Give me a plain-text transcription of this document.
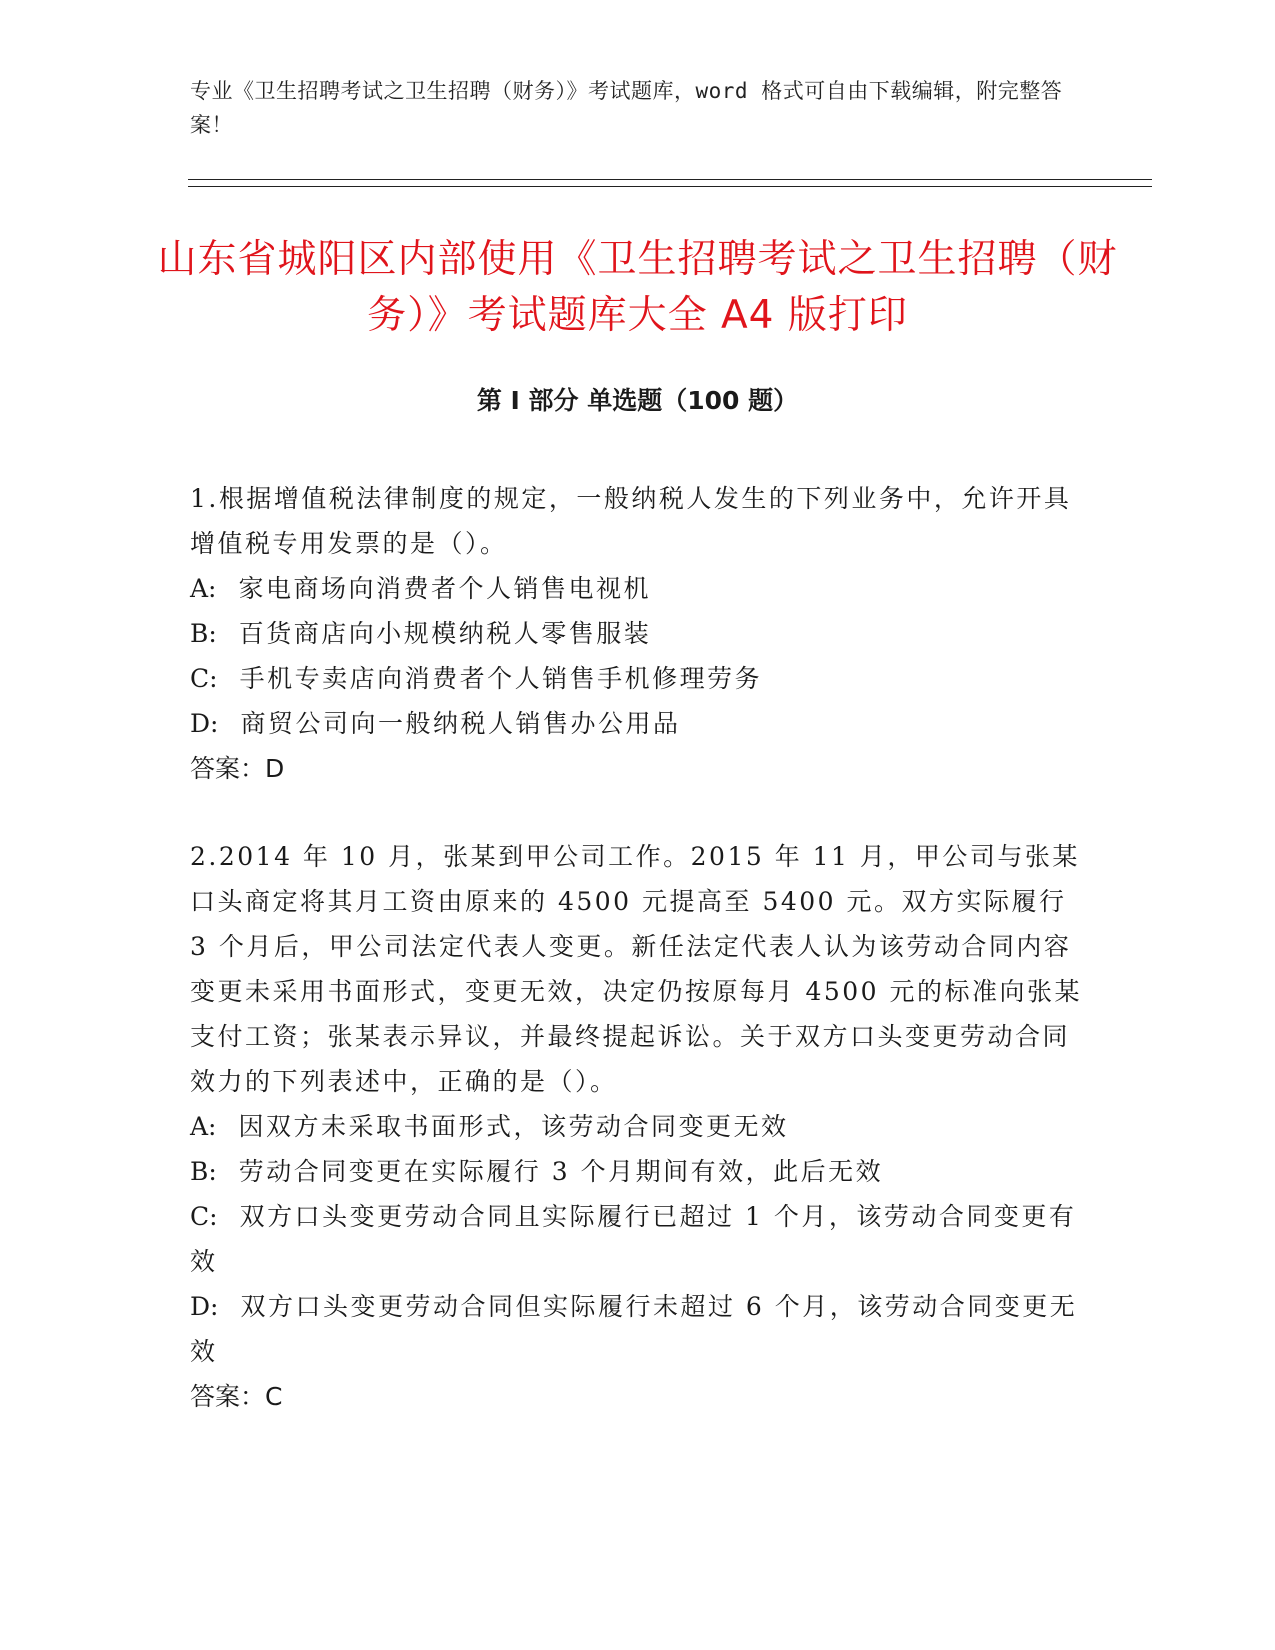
专业《卫生招聘考试之卫生招聘（财务）》考试题库，word 格式可自由下载编辑，附完整答案！
山东省城阳区内部使用《卫生招聘考试之卫生招聘（财务）》考试题库大全 A4 版打印
第 I 部分 单选题（100 题）
1.根据增值税法律制度的规定，一般纳税人发生的下列业务中，允许开具增值税专用发票的是（）。
A: 家电商场向消费者个人销售电视机
B: 百货商店向小规模纳税人零售服装
C: 手机专卖店向消费者个人销售手机修理劳务
D: 商贸公司向一般纳税人销售办公用品
答案：D
2.2014 年 10 月，张某到甲公司工作。2015 年 11 月，甲公司与张某口头商定将其月工资由原来的 4500 元提高至 5400 元。双方实际履行 3 个月后，甲公司法定代表人变更。新任法定代表人认为该劳动合同内容变更未采用书面形式，变更无效，决定仍按原每月 4500 元的标准向张某支付工资；张某表示异议，并最终提起诉讼。关于双方口头变更劳动合同效力的下列表述中，正确的是（）。
A: 因双方未采取书面形式，该劳动合同变更无效
B: 劳动合同变更在实际履行 3 个月期间有效，此后无效
C: 双方口头变更劳动合同且实际履行已超过 1 个月，该劳动合同变更有效
D: 双方口头变更劳动合同但实际履行未超过 6 个月，该劳动合同变更无效
答案：C
